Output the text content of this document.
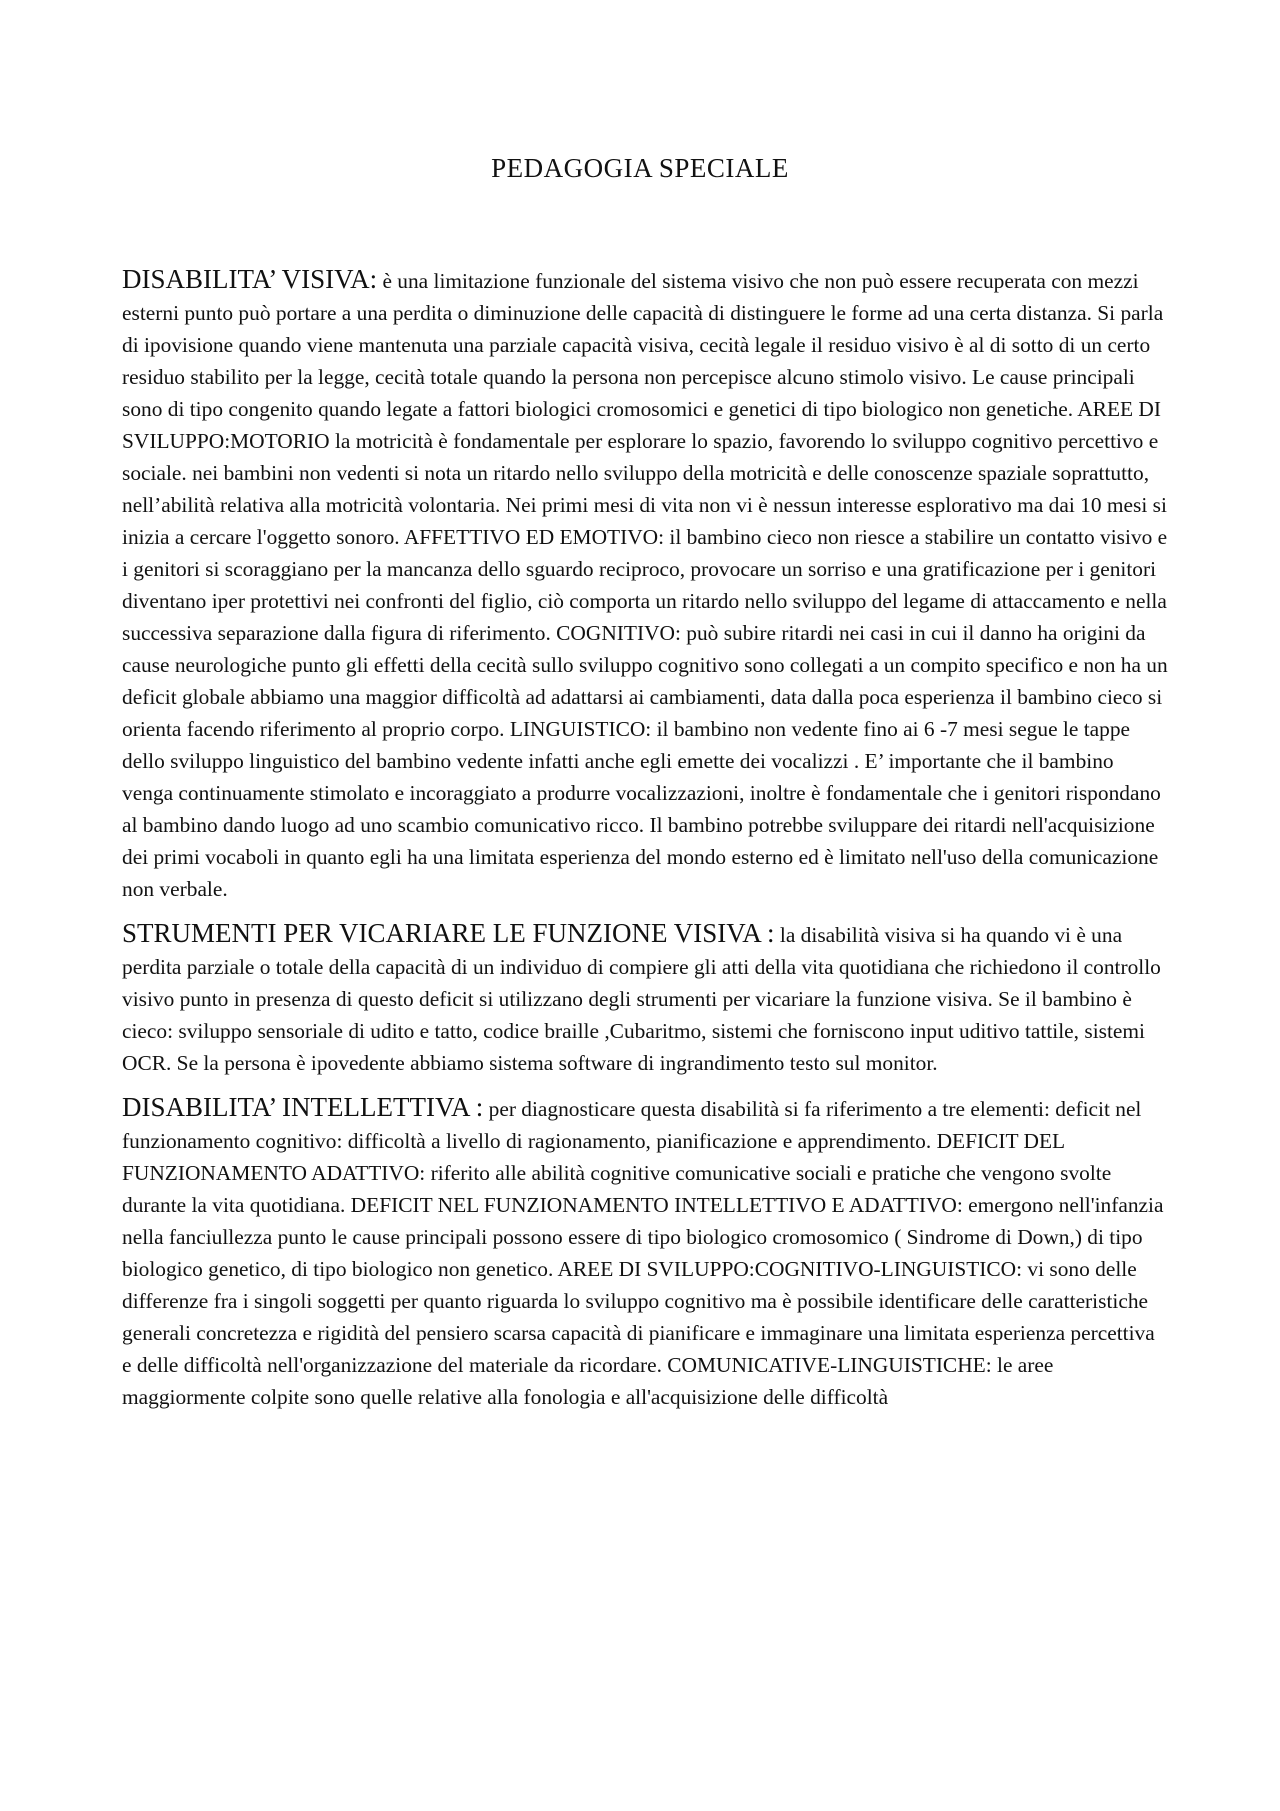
PEDAGOGIA SPECIALE

DISABILITA’ VISIVA: è una limitazione funzionale del sistema visivo che non può essere recuperata con mezzi esterni punto può portare a una perdita o diminuzione delle capacità di distinguere le forme ad una certa distanza. Si parla di ipovisione quando viene mantenuta una parziale capacità visiva, cecità legale il residuo visivo è al di sotto di un certo residuo stabilito per la legge, cecità totale quando la persona non percepisce alcuno stimolo visivo. Le cause principali sono di tipo congenito quando legate a fattori biologici cromosomici e genetici di tipo biologico non genetiche. AREE DI SVILUPPO:MOTORIO la motricità è fondamentale per esplorare lo spazio, favorendo lo sviluppo cognitivo percettivo e sociale. nei bambini non vedenti si nota un ritardo nello sviluppo della motricità e delle conoscenze spaziale soprattutto, nell’abilità relativa alla motricità volontaria. Nei primi mesi di vita non vi è nessun interesse esplorativo ma dai 10 mesi si inizia a cercare l'oggetto sonoro. AFFETTIVO ED EMOTIVO: il bambino cieco non riesce a stabilire un contatto visivo e i genitori si scoraggiano per la mancanza dello sguardo reciproco, provocare un sorriso e una gratificazione per i genitori diventano iper protettivi nei confronti del figlio, ciò comporta un ritardo nello sviluppo del legame di attaccamento e nella successiva separazione dalla figura di riferimento. COGNITIVO: può subire ritardi nei casi in cui il danno ha origini da cause neurologiche punto gli effetti della cecità sullo sviluppo cognitivo sono collegati a un compito specifico e non ha un deficit globale abbiamo una maggior difficoltà ad adattarsi ai cambiamenti, data dalla poca esperienza il bambino cieco si orienta facendo riferimento al proprio corpo. LINGUISTICO: il bambino non vedente fino ai 6 -7 mesi segue le tappe dello sviluppo linguistico del bambino vedente infatti anche egli emette dei vocalizzi . E’ importante che il bambino venga continuamente stimolato e incoraggiato a produrre vocalizzazioni, inoltre è fondamentale che i genitori rispondano al bambino dando luogo ad uno scambio comunicativo ricco. Il bambino potrebbe sviluppare dei ritardi nell'acquisizione dei primi vocaboli in quanto egli ha una limitata esperienza del mondo esterno ed è limitato nell'uso della comunicazione non verbale.

STRUMENTI PER VICARIARE LE FUNZIONE VISIVA : la disabilità visiva si ha quando vi è una perdita parziale o totale della capacità di un individuo di compiere gli atti della vita quotidiana che richiedono il controllo visivo punto in presenza di questo deficit si utilizzano degli strumenti per vicariare la funzione visiva. Se il bambino è cieco: sviluppo sensoriale di udito e tatto, codice braille ,Cubaritmo, sistemi che forniscono input uditivo tattile, sistemi OCR. Se la persona è ipovedente abbiamo sistema software di ingrandimento testo sul monitor.

DISABILITA’ INTELLETTIVA : per diagnosticare questa disabilità si fa riferimento a tre elementi: deficit nel funzionamento cognitivo: difficoltà a livello di ragionamento, pianificazione e apprendimento. DEFICIT DEL FUNZIONAMENTO ADATTIVO: riferito alle abilità cognitive comunicative sociali e pratiche che vengono svolte durante la vita quotidiana. DEFICIT NEL FUNZIONAMENTO INTELLETTIVO E ADATTIVO: emergono nell'infanzia nella fanciullezza punto le cause principali possono essere di tipo biologico cromosomico ( Sindrome di Down,) di tipo biologico genetico, di tipo biologico non genetico. AREE DI SVILUPPO:COGNITIVO-LINGUISTICO: vi sono delle differenze fra i singoli soggetti per quanto riguarda lo sviluppo cognitivo ma è possibile identificare delle caratteristiche generali concretezza e rigidità del pensiero scarsa capacità di pianificare e immaginare una limitata esperienza percettiva e delle difficoltà nell'organizzazione del materiale da ricordare. COMUNICATIVE-LINGUISTICHE: le aree maggiormente colpite sono quelle relative alla fonologia e all'acquisizione delle difficoltà
